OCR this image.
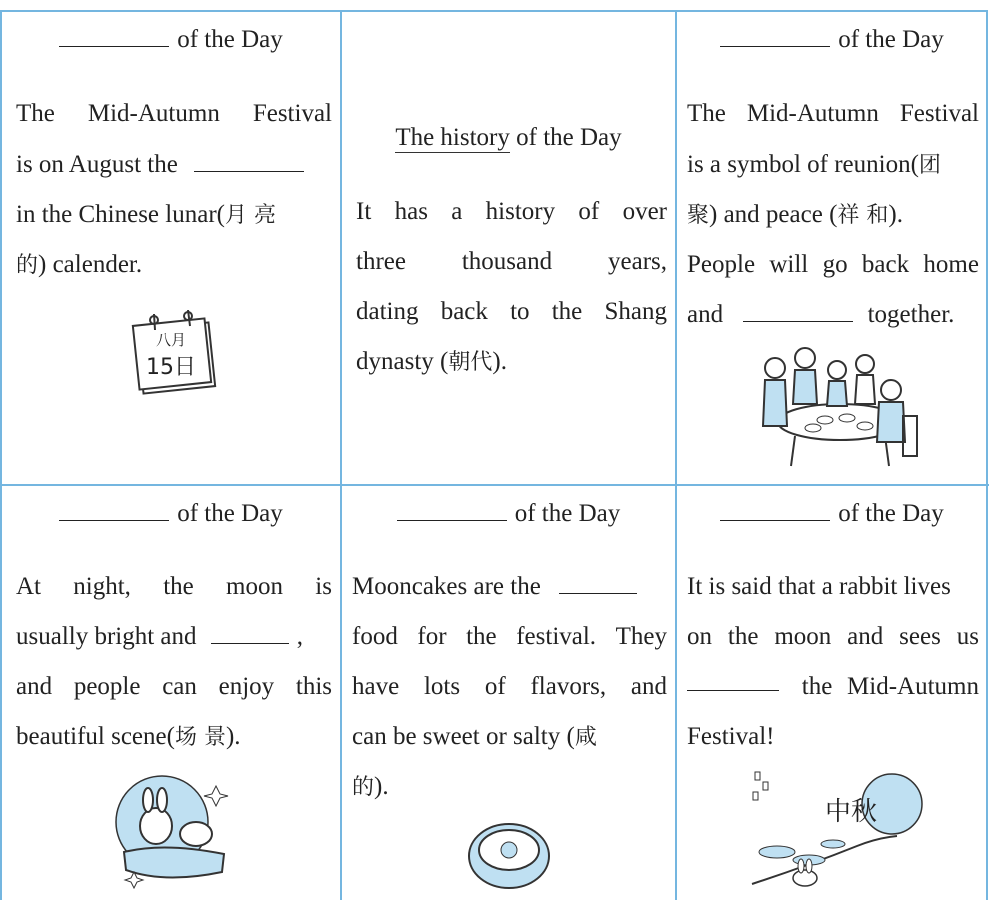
of the Day
The Mid-Autumn Festival
is on August the
in the Chinese lunar(月 亮
的) calender.
八月
15日
The history of the Day
It has a history of over
three thousand years,
dating back to the Shang
dynasty (朝代).
of the Day
The Mid-Autumn Festival
is a symbol of reunion(团
聚) and peace (祥 和).
People will go back home
and	together.
of the Day
At night, the moon is
usually bright and	,
and people can enjoy this
beautiful scene(场 景).
of the Day
Mooncakes are the
food for the festival. They
have lots of flavors, and
can be sweet or salty (咸
的).
of the Day
It is said that a rabbit lives
on the moon and sees us
the Mid-Autumn
Festival!
中秋
